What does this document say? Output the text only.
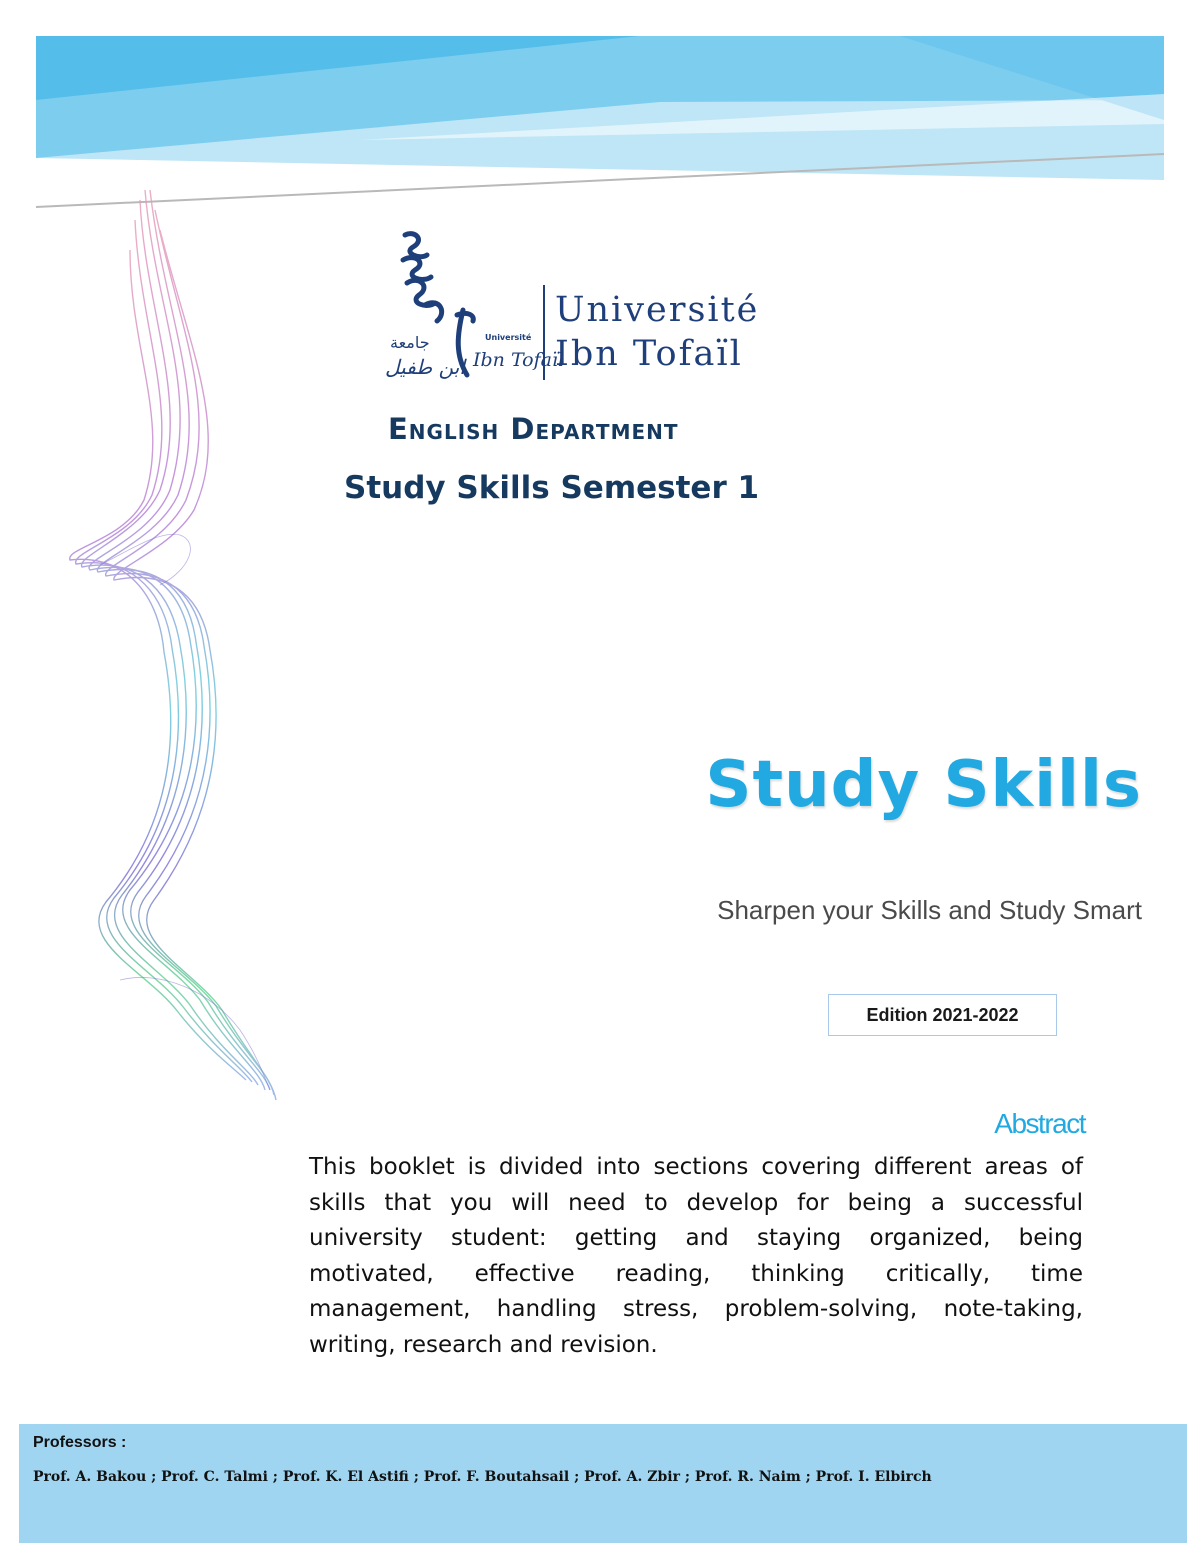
Université
Ibn Tofaïl
جامعة
ابن طفيل
Université
Ibn Tofaïl
English Department
Study Skills Semester 1
Study Skills
Sharpen your Skills and Study Smart
Edition 2021-2022
Abstract

This booklet is divided into sections covering different areas of skills that you will need to develop for being a successful university student: getting and staying organized, being motivated, effective reading, thinking critically, time management, handling stress, problem-solving, note-taking, writing, research and revision.

Professors :
Prof. A. Bakou ; Prof. C. Talmi ; Prof. K. El Astifi ; Prof. F. Boutahsail ; Prof. A. Zbir ; Prof. R. Naim ; Prof. I. Elbirch
